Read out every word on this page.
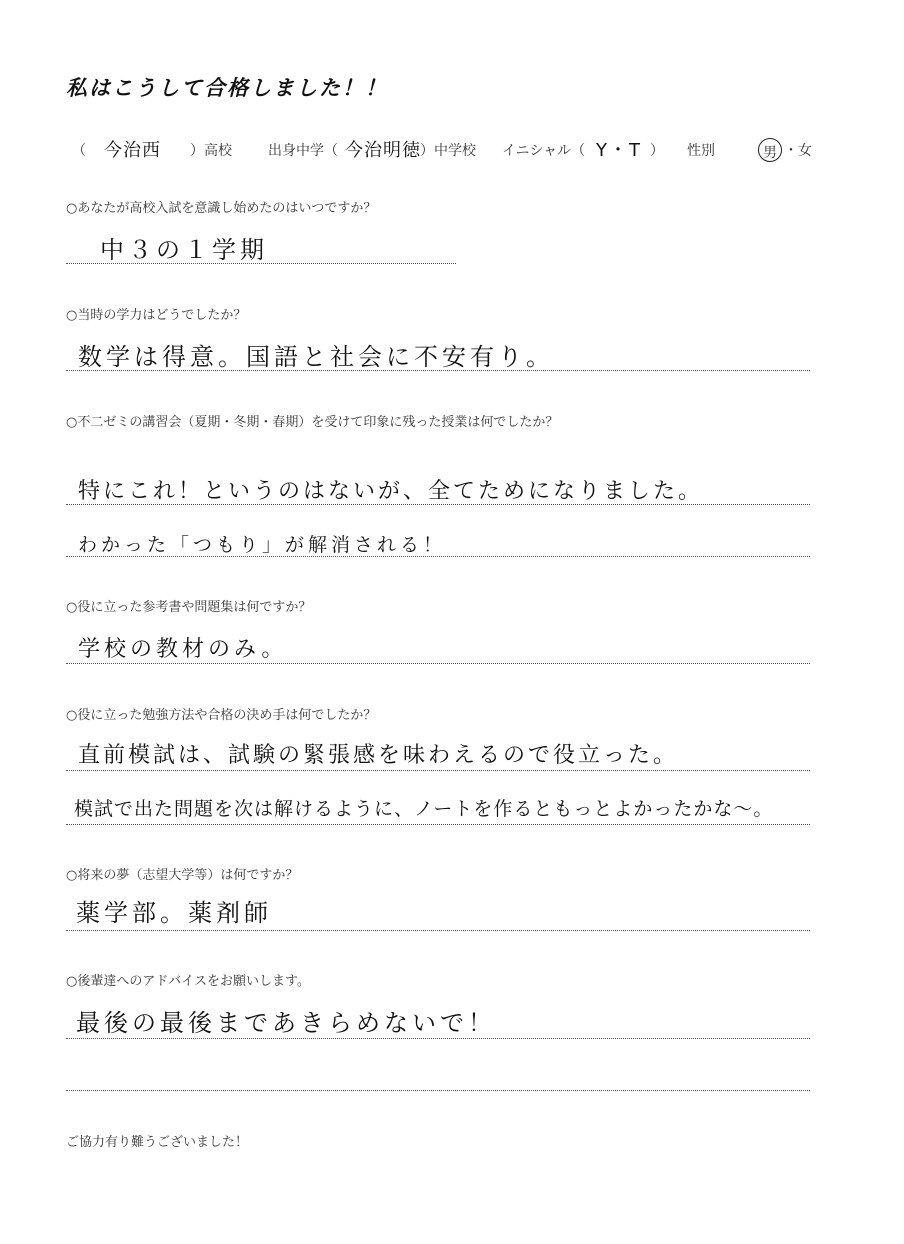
私はこうして合格しました！！
（ 今治西 ）高校	出身中学（ 今治明徳 ）中学校 イニシャル（ Y・T ） 性別	男 ・女
○あなたが高校入試を意識し始めたのはいつですか？
中３の１学期
○当時の学力はどうでしたか？
数学は得意。国語と社会に不安有り。
○不二ゼミの講習会（夏期・冬期・春期）を受けて印象に残った授業は何でしたか？
特にこれ！というのはないが、全てためになりました。
わかった「つもり」が解消される！
○役に立った参考書や問題集は何ですか？
学校の教材のみ。
○役に立った勉強方法や合格の決め手は何でしたか？
直前模試は、試験の緊張感を味わえるので役立った。
模試で出た問題を次は解けるように、ノートを作るともっとよかったかな〜。
○将来の夢（志望大学等）は何ですか？
薬学部。薬剤師
○後輩達へのアドバイスをお願いします。
最後の最後まであきらめないで！
ご協力有り難うございました！
